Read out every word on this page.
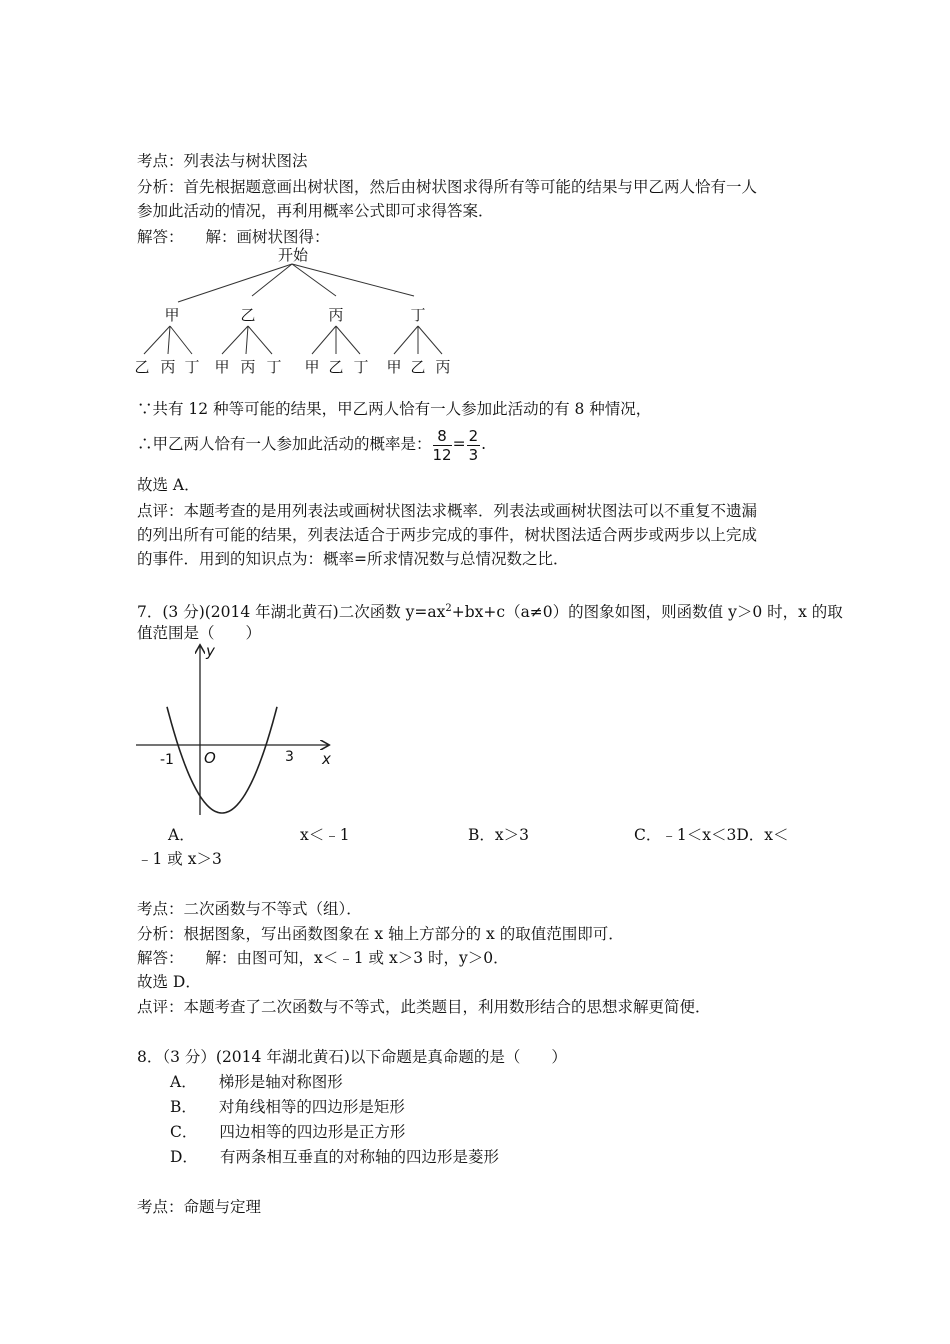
考点：列表法与树状图法
分析：首先根据题意画出树状图，然后由树状图求得所有等可能的结果与甲乙两人恰有一人
参加此活动的情况，再利用概率公式即可求得答案．
解答： 解：画树状图得：
开始
甲	乙	丙	丁
乙 丙 丁 甲 丙 丁 甲 乙 丁 甲 乙 丙
∵共有 12 种等可能的结果，甲乙两人恰有一人参加此活动的有 8 种情况，
∴甲乙两人恰有一人参加此活动的概率是： $\frac{8}{12} = \frac{2}{3}$ .
故选 A．
点评：本题考查的是用列表法或画树状图法求概率．列表法或画树状图法可以不重复不遗漏
的列出所有可能的结果，列表法适合于两步完成的事件，树状图法适合两步或两步以上完成
的事件．用到的知识点为：概率=所求情况数与总情况数之比．
7．(3 分)(2014 年湖北黄石)二次函数 $y=ax^2+bx+c(a\ne 0)$的图象如图，则函数值 y＞0 时，x 的取
值范围是（　　）
y
x
O
-1	3
A．	x＜﹣1	B．x＞3	C．﹣1＜x＜3D．x＜
﹣1 或 x＞3
考点：二次函数与不等式（组）．
分析：根据图象，写出函数图象在 x 轴上方部分的 x 的取值范围即可．
解答： 解：由图可知，x＜﹣1 或 x＞3 时，y＞0．
故选 D．
点评：本题考查了二次函数与不等式，此类题目，利用数形结合的思想求解更简便．
8．（3 分）(2014 年湖北黄石)以下命题是真命题的是（　　）
A． 梯形是轴对称图形
B． 对角线相等的四边形是矩形
C． 四边相等的四边形是正方形
D． 有两条相互垂直的对称轴的四边形是菱形
考点：命题与定理
